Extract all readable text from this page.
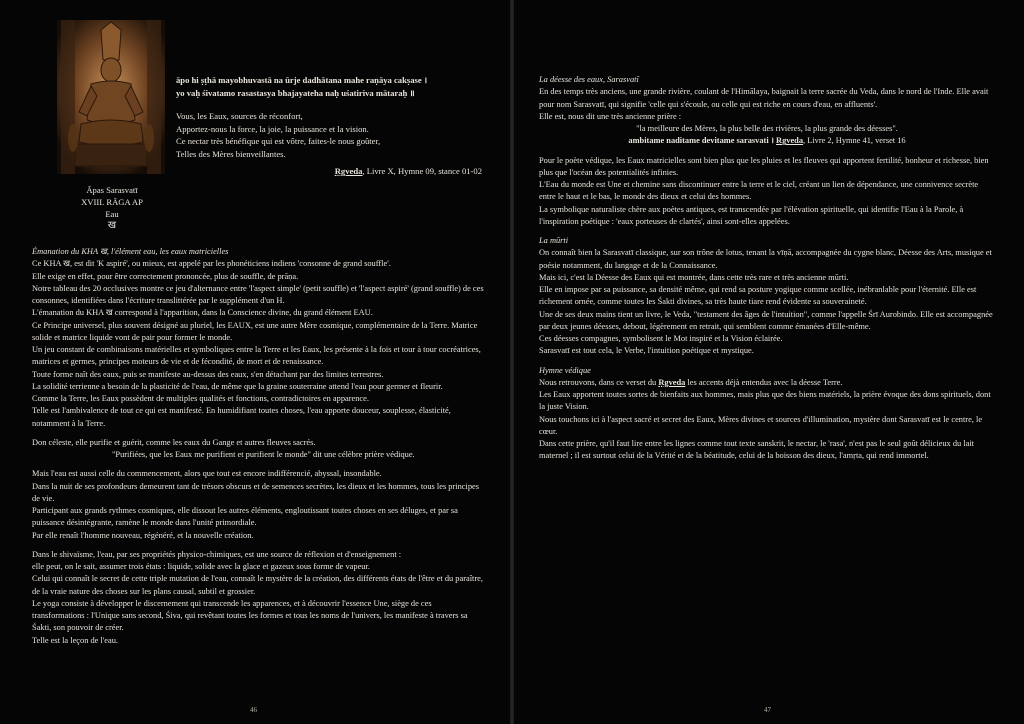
Āpas Sarasvatī
XVIII. RĀGA AP
Eau
ख
āpo hi ṣṭhā mayobhuvastā na ūrje dadhātana mahe raṇāya cakṣase ।
yo vaḥ śivatamo rasastasya bhajayateha naḥ uśatiriva mātaraḥ ॥
Vous, les Eaux, sources de réconfort,
Apportez-nous la force, la joie, la puissance et la vision.
Ce nectar très bénéfique qui est vôtre, faites-le nous goûter,
Telles des Mères bienveillantes.
Ṛgveda, Livre X, Hymne 09, stance 01-02

Émanation du KHA ख, l'élément eau, les eaux matricielles

Ce KHA ख, est dit 'K aspiré', ou mieux, est appelé par les phonéticiens indiens 'consonne de grand souffle'.

Elle exige en effet, pour être correctement prononcée, plus de souffle, de prāṇa.

Notre tableau des 20 occlusives montre ce jeu d'alternance entre 'l'aspect simple' (petit souffle) et 'l'aspect aspiré' (grand souffle) de ces consonnes, identifiées dans l'écriture translittérée par le supplément d'un H.

L'émanation du KHA ख correspond à l'apparition, dans la Conscience divine, du grand élément EAU.

Ce Principe universel, plus souvent désigné au pluriel, les EAUX, est une autre Mère cosmique, complémentaire de la Terre. Matrice solide et matrice liquide vont de pair pour former le monde.

Un jeu constant de combinaisons matérielles et symboliques entre la Terre et les Eaux, les présente à la fois et tour à tour cocréatrices, matrices et germes, principes moteurs de vie et de fécondité, de mort et de renaissance.

Toute forme naît des eaux, puis se manifeste au-dessus des eaux, s'en détachant par des limites terrestres.

La solidité terrienne a besoin de la plasticité de l'eau, de même que la graine souterraine attend l'eau pour germer et fleurir.

Comme la Terre, les Eaux possèdent de multiples qualités et fonctions, contradictoires en apparence.

Telle est l'ambivalence de tout ce qui est manifesté. En humidifiant toutes choses, l'eau apporte douceur, souplesse, élasticité, notamment à la Terre.

Don céleste, elle purifie et guérit, comme les eaux du Gange et autres fleuves sacrés.

"Purifiées, que les Eaux me purifient et purifient le monde" dit une célèbre prière védique.

Mais l'eau est aussi celle du commencement, alors que tout est encore indifférencié, abyssal, insondable.

Dans la nuit de ses profondeurs demeurent tant de trésors obscurs et de semences secrètes, les dieux et les hommes, tous les principes de vie.

Participant aux grands rythmes cosmiques, elle dissout les autres éléments, engloutissant toutes choses en ses déluges, et par sa puissance désintégrante, ramène le monde dans l'unité primordiale.

Par elle renaît l'homme nouveau, régénéré, et la nouvelle création.

Dans le shivaïsme, l'eau, par ses propriétés physico-chimiques, est une source de réflexion et d'enseignement :

elle peut, on le sait, assumer trois états : liquide, solide avec la glace et gazeux sous forme de vapeur.

Celui qui connaît le secret de cette triple mutation de l'eau, connaît le mystère de la création, des différents états de l'être et du paraître, de la vraie nature des choses sur les plans causal, subtil et grossier.

Le yoga consiste à développer le discernement qui transcende les apparences, et à découvrir l'essence Une, siège de ces transformations : l'Unique sans second, Śiva, qui revêtant toutes les formes et tous les noms de l'univers, les manifeste à travers sa Śakti, son pouvoir de créer.

Telle est la leçon de l'eau.

46

La déesse des eaux, Sarasvatī

En des temps très anciens, une grande rivière, coulant de l'Himālaya, baignait la terre sacrée du Veda, dans le nord de l'Inde. Elle avait pour nom Sarasvatī, qui signifie 'celle qui s'écoule, ou celle qui est riche en cours d'eau, en affluents'.

Elle est, nous dit une très ancienne prière :

"la meilleure des Mères, la plus belle des rivières, la plus grande des déesses".

ambitame naditame devitame sarasvati । Ṛgveda, Livre 2, Hymne 41, verset 16

Pour le poète védique, les Eaux matricielles sont bien plus que les pluies et les fleuves qui apportent fertilité, bonheur et richesse, bien plus que l'océan des potentialités infinies.

L'Eau du monde est Une et chemine sans discontinuer entre la terre et le ciel, créant un lien de dépendance, une connivence secrète entre le haut et le bas, le monde des dieux et celui des hommes.

La symbolique naturaliste chère aux poètes antiques, est transcendée par l'élévation spirituelle, qui identifie l'Eau à la Parole, à l'inspiration poétique : 'eaux porteuses de clartés', ainsi sont-elles appelées.

La mūrti

On connaît bien la Sarasvatī classique, sur son trône de lotus, tenant la vīṇā, accompagnée du cygne blanc, Déesse des Arts, musique et poésie notamment, du langage et de la Connaissance.

Mais ici, c'est la Déesse des Eaux qui est montrée, dans cette très rare et très ancienne mūrti.

Elle en impose par sa puissance, sa densité même, qui rend sa posture yogique comme scellée, inébranlable pour l'éternité. Elle est richement ornée, comme toutes les Śakti divines, sa très haute tiare rend évidente sa souveraineté.

Une de ses deux mains tient un livre, le Veda, "testament des âges de l'intuition", comme l'appelle Śrī Aurobindo. Elle est accompagnée par deux jeunes déesses, debout, légèrement en retrait, qui semblent comme émanées d'Elle-même.

Ces déesses compagnes, symbolisent le Mot inspiré et la Vision éclairée.

Sarasvatī est tout cela, le Verbe, l'intuition poétique et mystique.

Hymne védique

Nous retrouvons, dans ce verset du Ṛgveda les accents déjà entendus avec la déesse Terre.

Les Eaux apportent toutes sortes de bienfaits aux hommes, mais plus que des biens matériels, la prière évoque des dons spirituels, dont la juste Vision.

Nous touchons ici à l'aspect sacré et secret des Eaux, Mères divines et sources d'illumination, mystère dont Sarasvatī est le centre, le cœur.

Dans cette prière, qu'il faut lire entre les lignes comme tout texte sanskrit, le nectar, le 'rasa', n'est pas le seul goût délicieux du lait maternel ; il est surtout celui de la Vérité et de la béatitude, celui de la boisson des dieux, l'amṛta, qui rend immortel.

47
